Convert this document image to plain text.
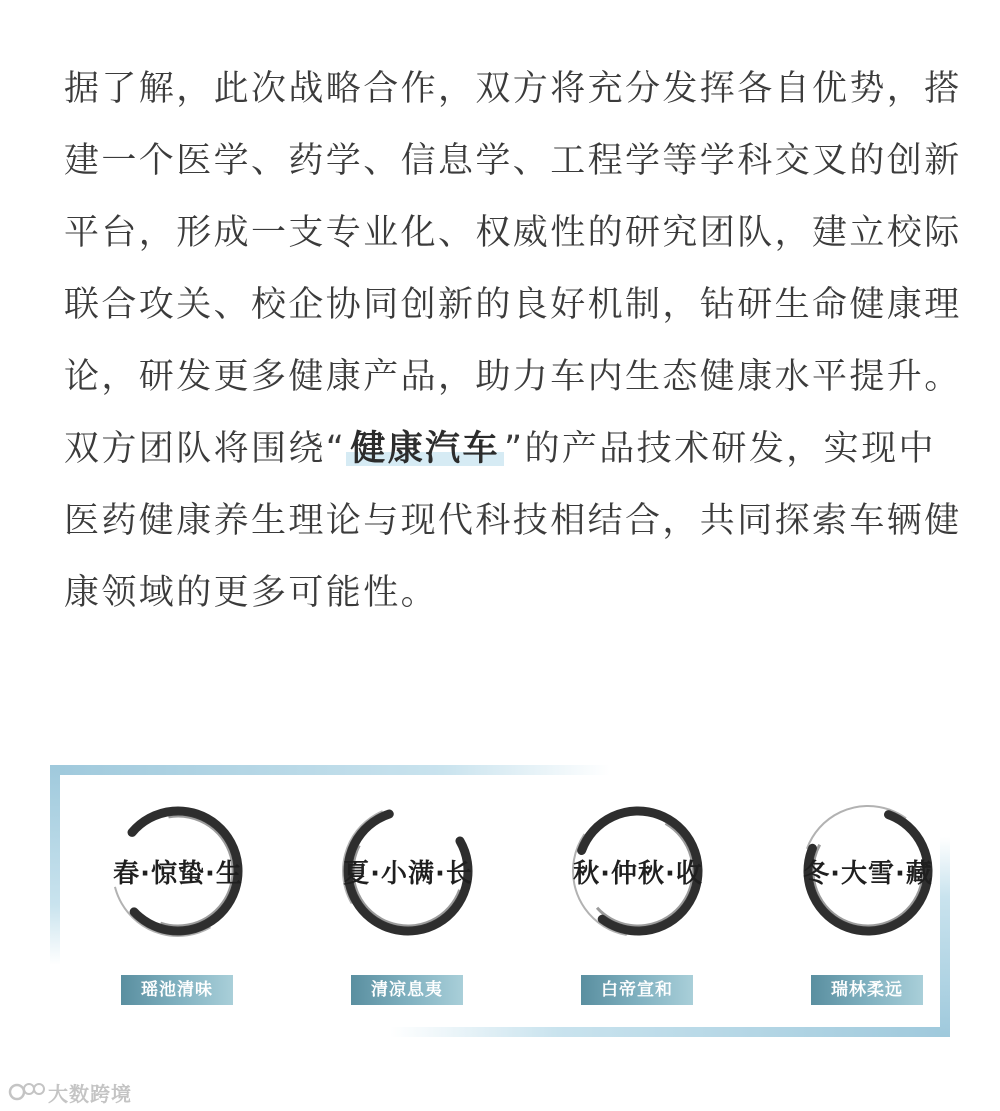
据了解，此次战略合作，双方将充分发挥各自优势，搭
建一个医学、药学、信息学、工程学等学科交叉的创新
平台，形成一支专业化、权威性的研究团队，建立校际
联合攻关、校企协同创新的良好机制，钻研生命健康理
论，研发更多健康产品，助力车内生态健康水平提升。
双方团队将围绕“ 健康汽车 ”的产品技术研发，实现中
医药健康养生理论与现代科技相结合，共同探索车辆健
康领域的更多可能性。
春·惊蛰·生
瑶池清味
夏·小满·长
清凉息夷
秋·仲秋·收
白帝宣和
冬·大雪·藏
瑞林柔远
大数跨境
